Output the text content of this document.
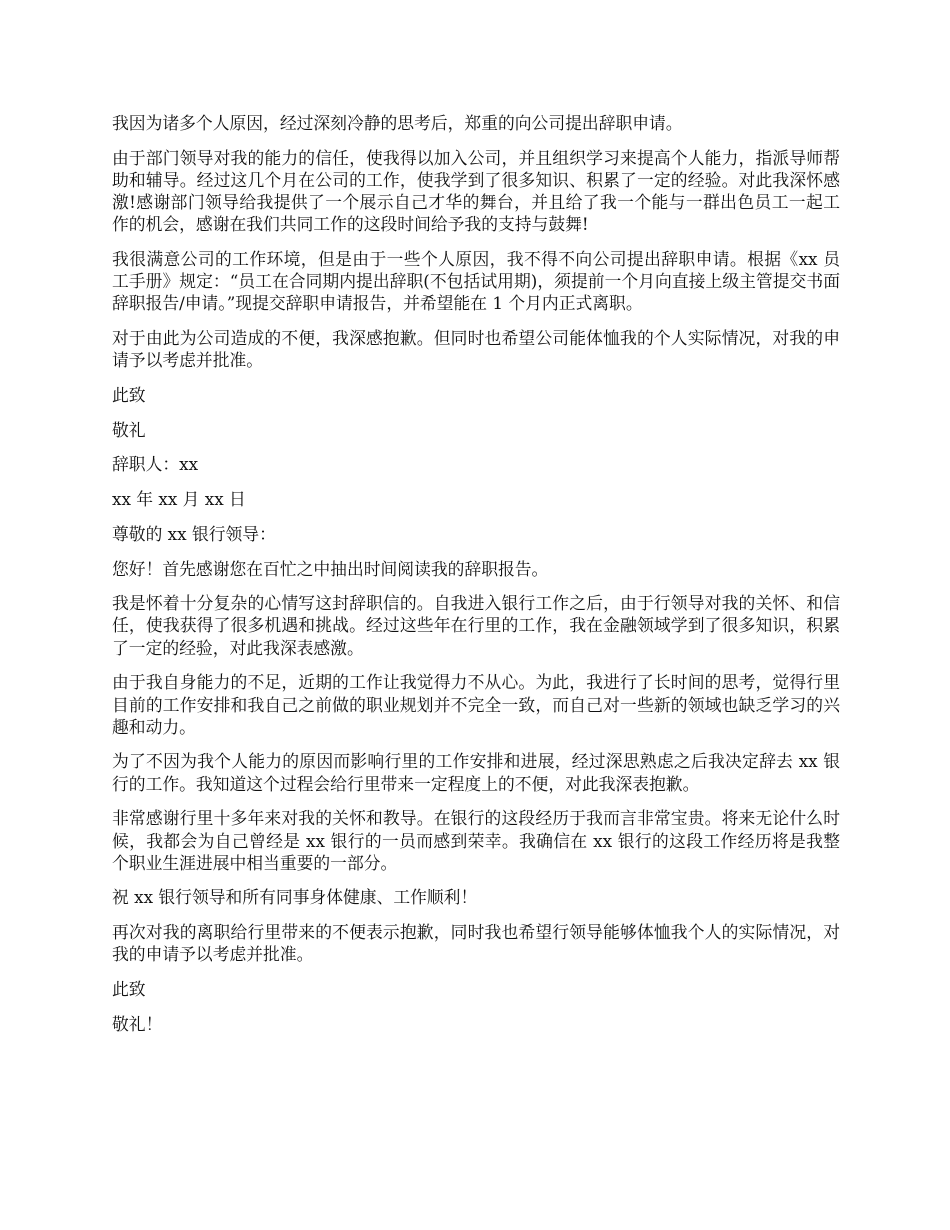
我因为诸多个人原因，经过深刻冷静的思考后，郑重的向公司提出辞职申请。

由于部门领导对我的能力的信任，使我得以加入公司，并且组织学习来提高个人能力，指派导师帮助和辅导。经过这几个月在公司的工作，使我学到了很多知识、积累了一定的经验。对此我深怀感激!感谢部门领导给我提供了一个展示自己才华的舞台，并且给了我一个能与一群出色员工一起工作的机会，感谢在我们共同工作的这段时间给予我的支持与鼓舞!

我很满意公司的工作环境，但是由于一些个人原因，我不得不向公司提出辞职申请。根据《xx 员工手册》规定：“员工在合同期内提出辞职(不包括试用期)，须提前一个月向直接上级主管提交书面辞职报告/申请。”现提交辞职申请报告，并希望能在 1 个月内正式离职。

对于由此为公司造成的不便，我深感抱歉。但同时也希望公司能体恤我的个人实际情况，对我的申请予以考虑并批准。

此致

敬礼

辞职人：xx

xx 年 xx 月 xx 日

尊敬的 xx 银行领导：

您好！首先感谢您在百忙之中抽出时间阅读我的辞职报告。

我是怀着十分复杂的心情写这封辞职信的。自我进入银行工作之后，由于行领导对我的关怀、和信任，使我获得了很多机遇和挑战。经过这些年在行里的工作，我在金融领域学到了很多知识，积累了一定的经验，对此我深表感激。

由于我自身能力的不足，近期的工作让我觉得力不从心。为此，我进行了长时间的思考，觉得行里目前的工作安排和我自己之前做的职业规划并不完全一致，而自己对一些新的领域也缺乏学习的兴趣和动力。

为了不因为我个人能力的原因而影响行里的工作安排和进展，经过深思熟虑之后我决定辞去 xx 银行的工作。我知道这个过程会给行里带来一定程度上的不便，对此我深表抱歉。

非常感谢行里十多年来对我的关怀和教导。在银行的这段经历于我而言非常宝贵。将来无论什么时候，我都会为自己曾经是 xx 银行的一员而感到荣幸。我确信在 xx 银行的这段工作经历将是我整个职业生涯进展中相当重要的一部分。

祝 xx 银行领导和所有同事身体健康、工作顺利！

再次对我的离职给行里带来的不便表示抱歉，同时我也希望行领导能够体恤我个人的实际情况，对我的申请予以考虑并批准。

此致

敬礼！
